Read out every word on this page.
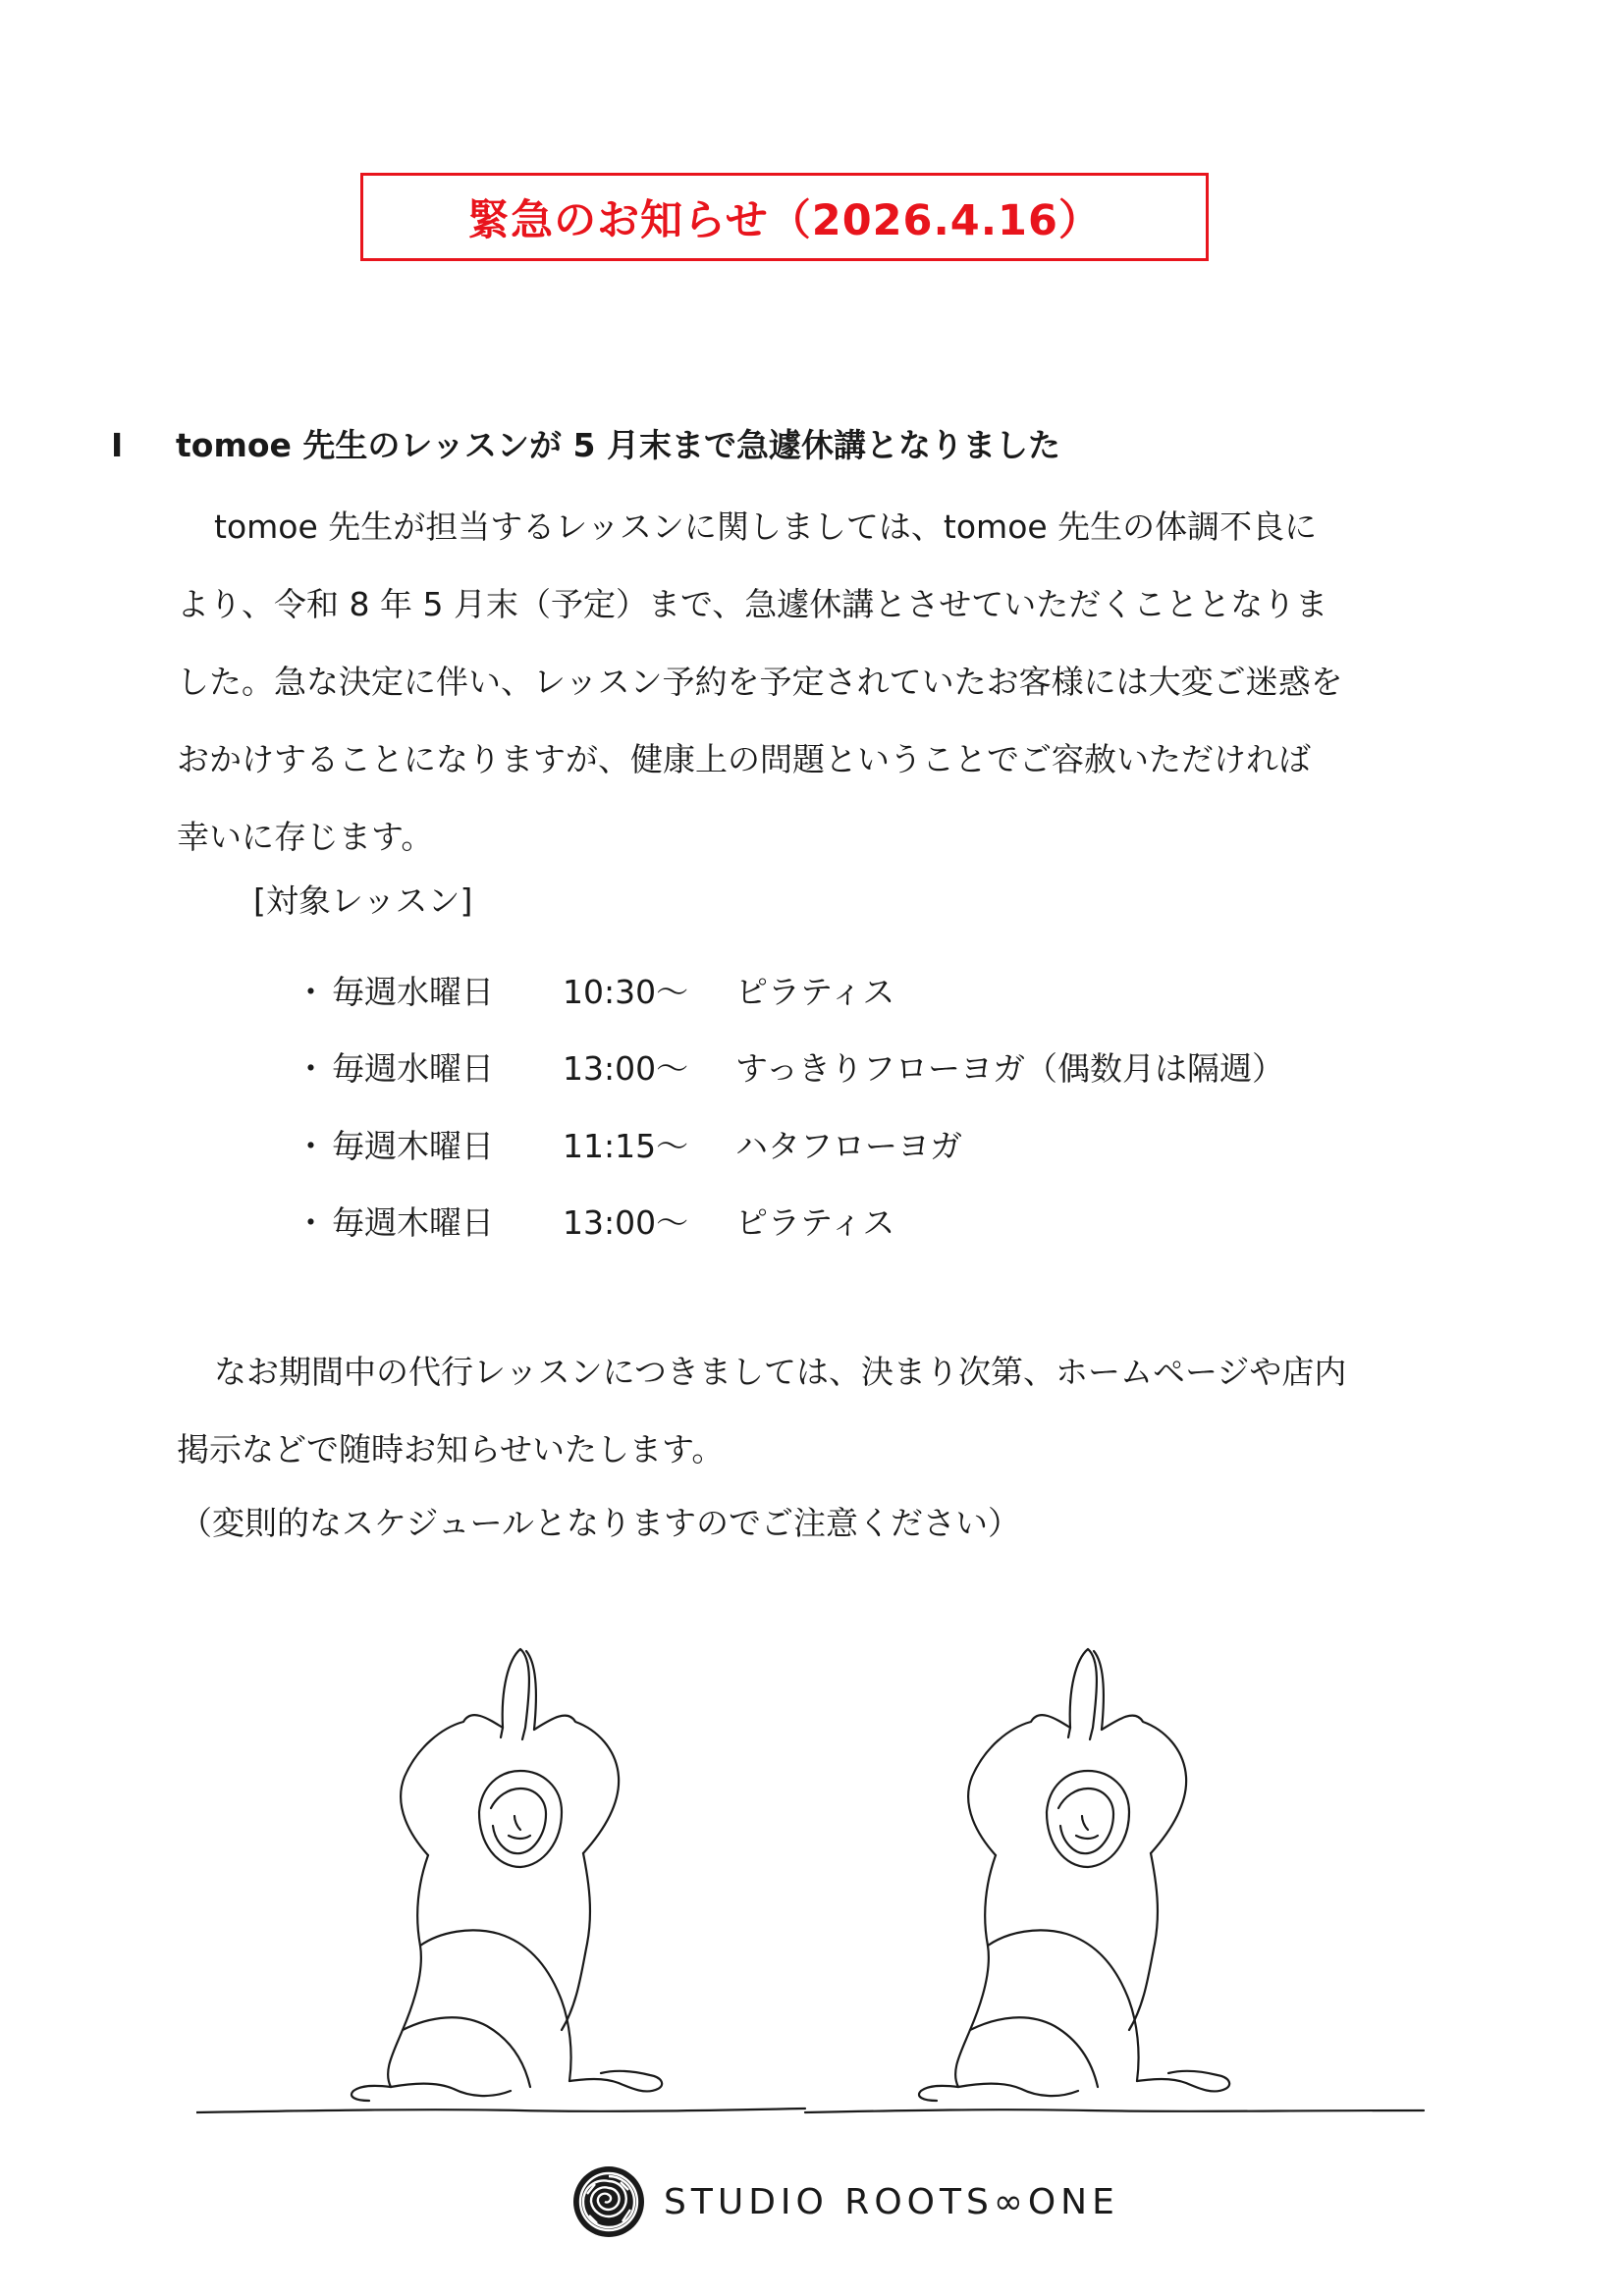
緊急のお知らせ（2026.4.16）
Ⅰ	tomoe 先生のレッスンが 5 月末まで急遽休講となりました
tomoe 先生が担当するレッスンに関しましては、tomoe 先生の体調不良に
より、令和 8 年 5 月末（予定）まで、急遽休講とさせていただくこととなりま
した。急な決定に伴い、レッスン予約を予定されていたお客様には大変ご迷惑を
おかけすることになりますが、健康上の問題ということでご容赦いただければ
幸いに存じます。
[対象レッスン]
・ 毎週水曜日	10:30〜	ピラティス
・ 毎週水曜日	13:00〜	すっきりフローヨガ（偶数月は隔週）
・ 毎週木曜日	11:15〜	ハタフローヨガ
・ 毎週木曜日	13:00〜	ピラティス
なお期間中の代行レッスンにつきましては、決まり次第、ホームページや店内
掲示などで随時お知らせいたします。
（変則的なスケジュールとなりますのでご注意ください）
STUDIO ROOTS∞ONE
